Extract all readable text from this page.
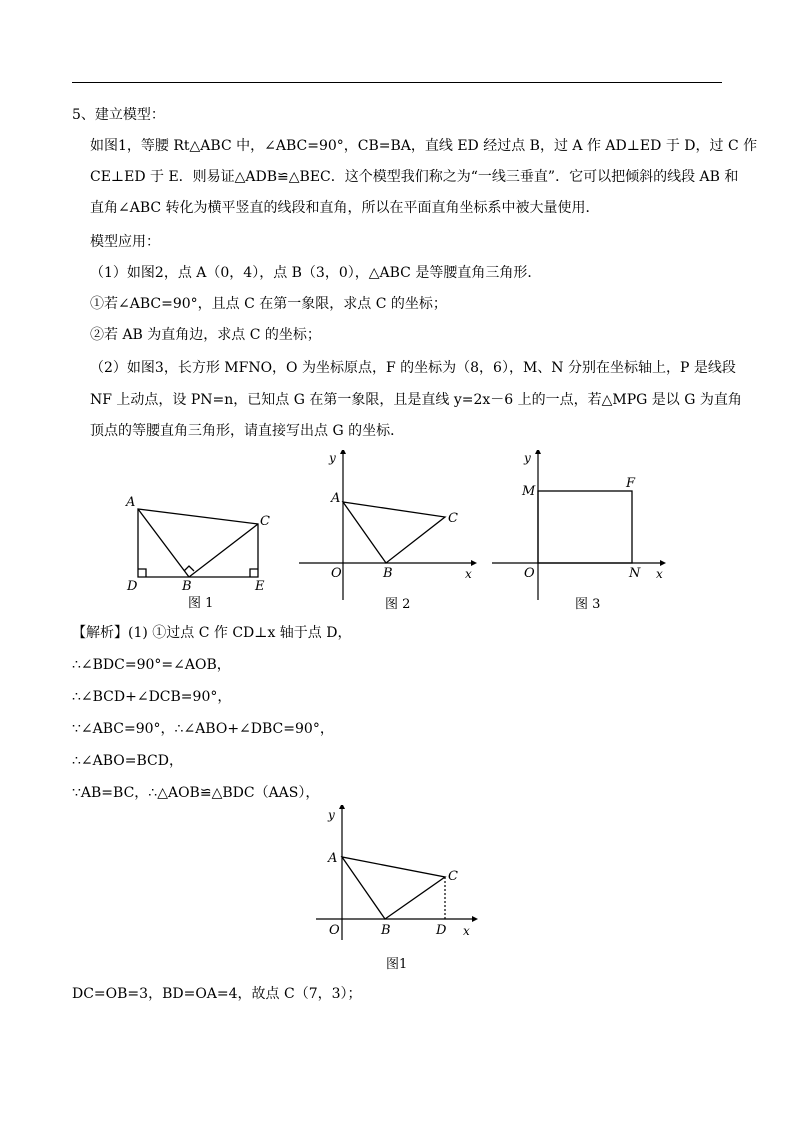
5、建立模型：
如图1，等腰 Rt△ABC 中，∠ABC=90°，CB=BA，直线 ED 经过点 B，过 A 作 AD⊥ED 于 D，过 C 作
CE⊥ED 于 E．则易证△ADB≌△BEC．这个模型我们称之为“一线三垂直”．它可以把倾斜的线段 AB 和
直角∠ABC 转化为横平竖直的线段和直角，所以在平面直角坐标系中被大量使用．
模型应用：
（1）如图2，点 A（0，4），点 B（3，0），△ABC 是等腰直角三角形．
①若∠ABC=90°，且点 C 在第一象限，求点 C 的坐标；
②若 AB 为直角边，求点 C 的坐标；
（2）如图3，长方形 MFNO，O 为坐标原点，F 的坐标为（8，6），M、N 分别在坐标轴上，P 是线段
NF 上动点，设 PN=n，已知点 G 在第一象限，且是直线 y=2x－6 上的一点，若△MPG 是以 G 为直角
顶点的等腰直角三角形，请直接写出点 G 的坐标．
A
C
D	B	E
图 1
y
x
A
C
O	B
图 2
y
x
M
F
O	N
图 3
【解析】(1) ①过点 C 作 CD⊥x 轴于点 D，
∴∠BDC=90°=∠AOB，
∴∠BCD+∠DCB=90°，
∵∠ABC=90°，∴∠ABO+∠DBC=90°，
∴∠ABO=BCD，
∵AB=BC，∴△AOB≌△BDC（AAS），
y
x
A
C
O	B	D
图1
DC=OB=3，BD=OA=4，故点 C（7，3）；
